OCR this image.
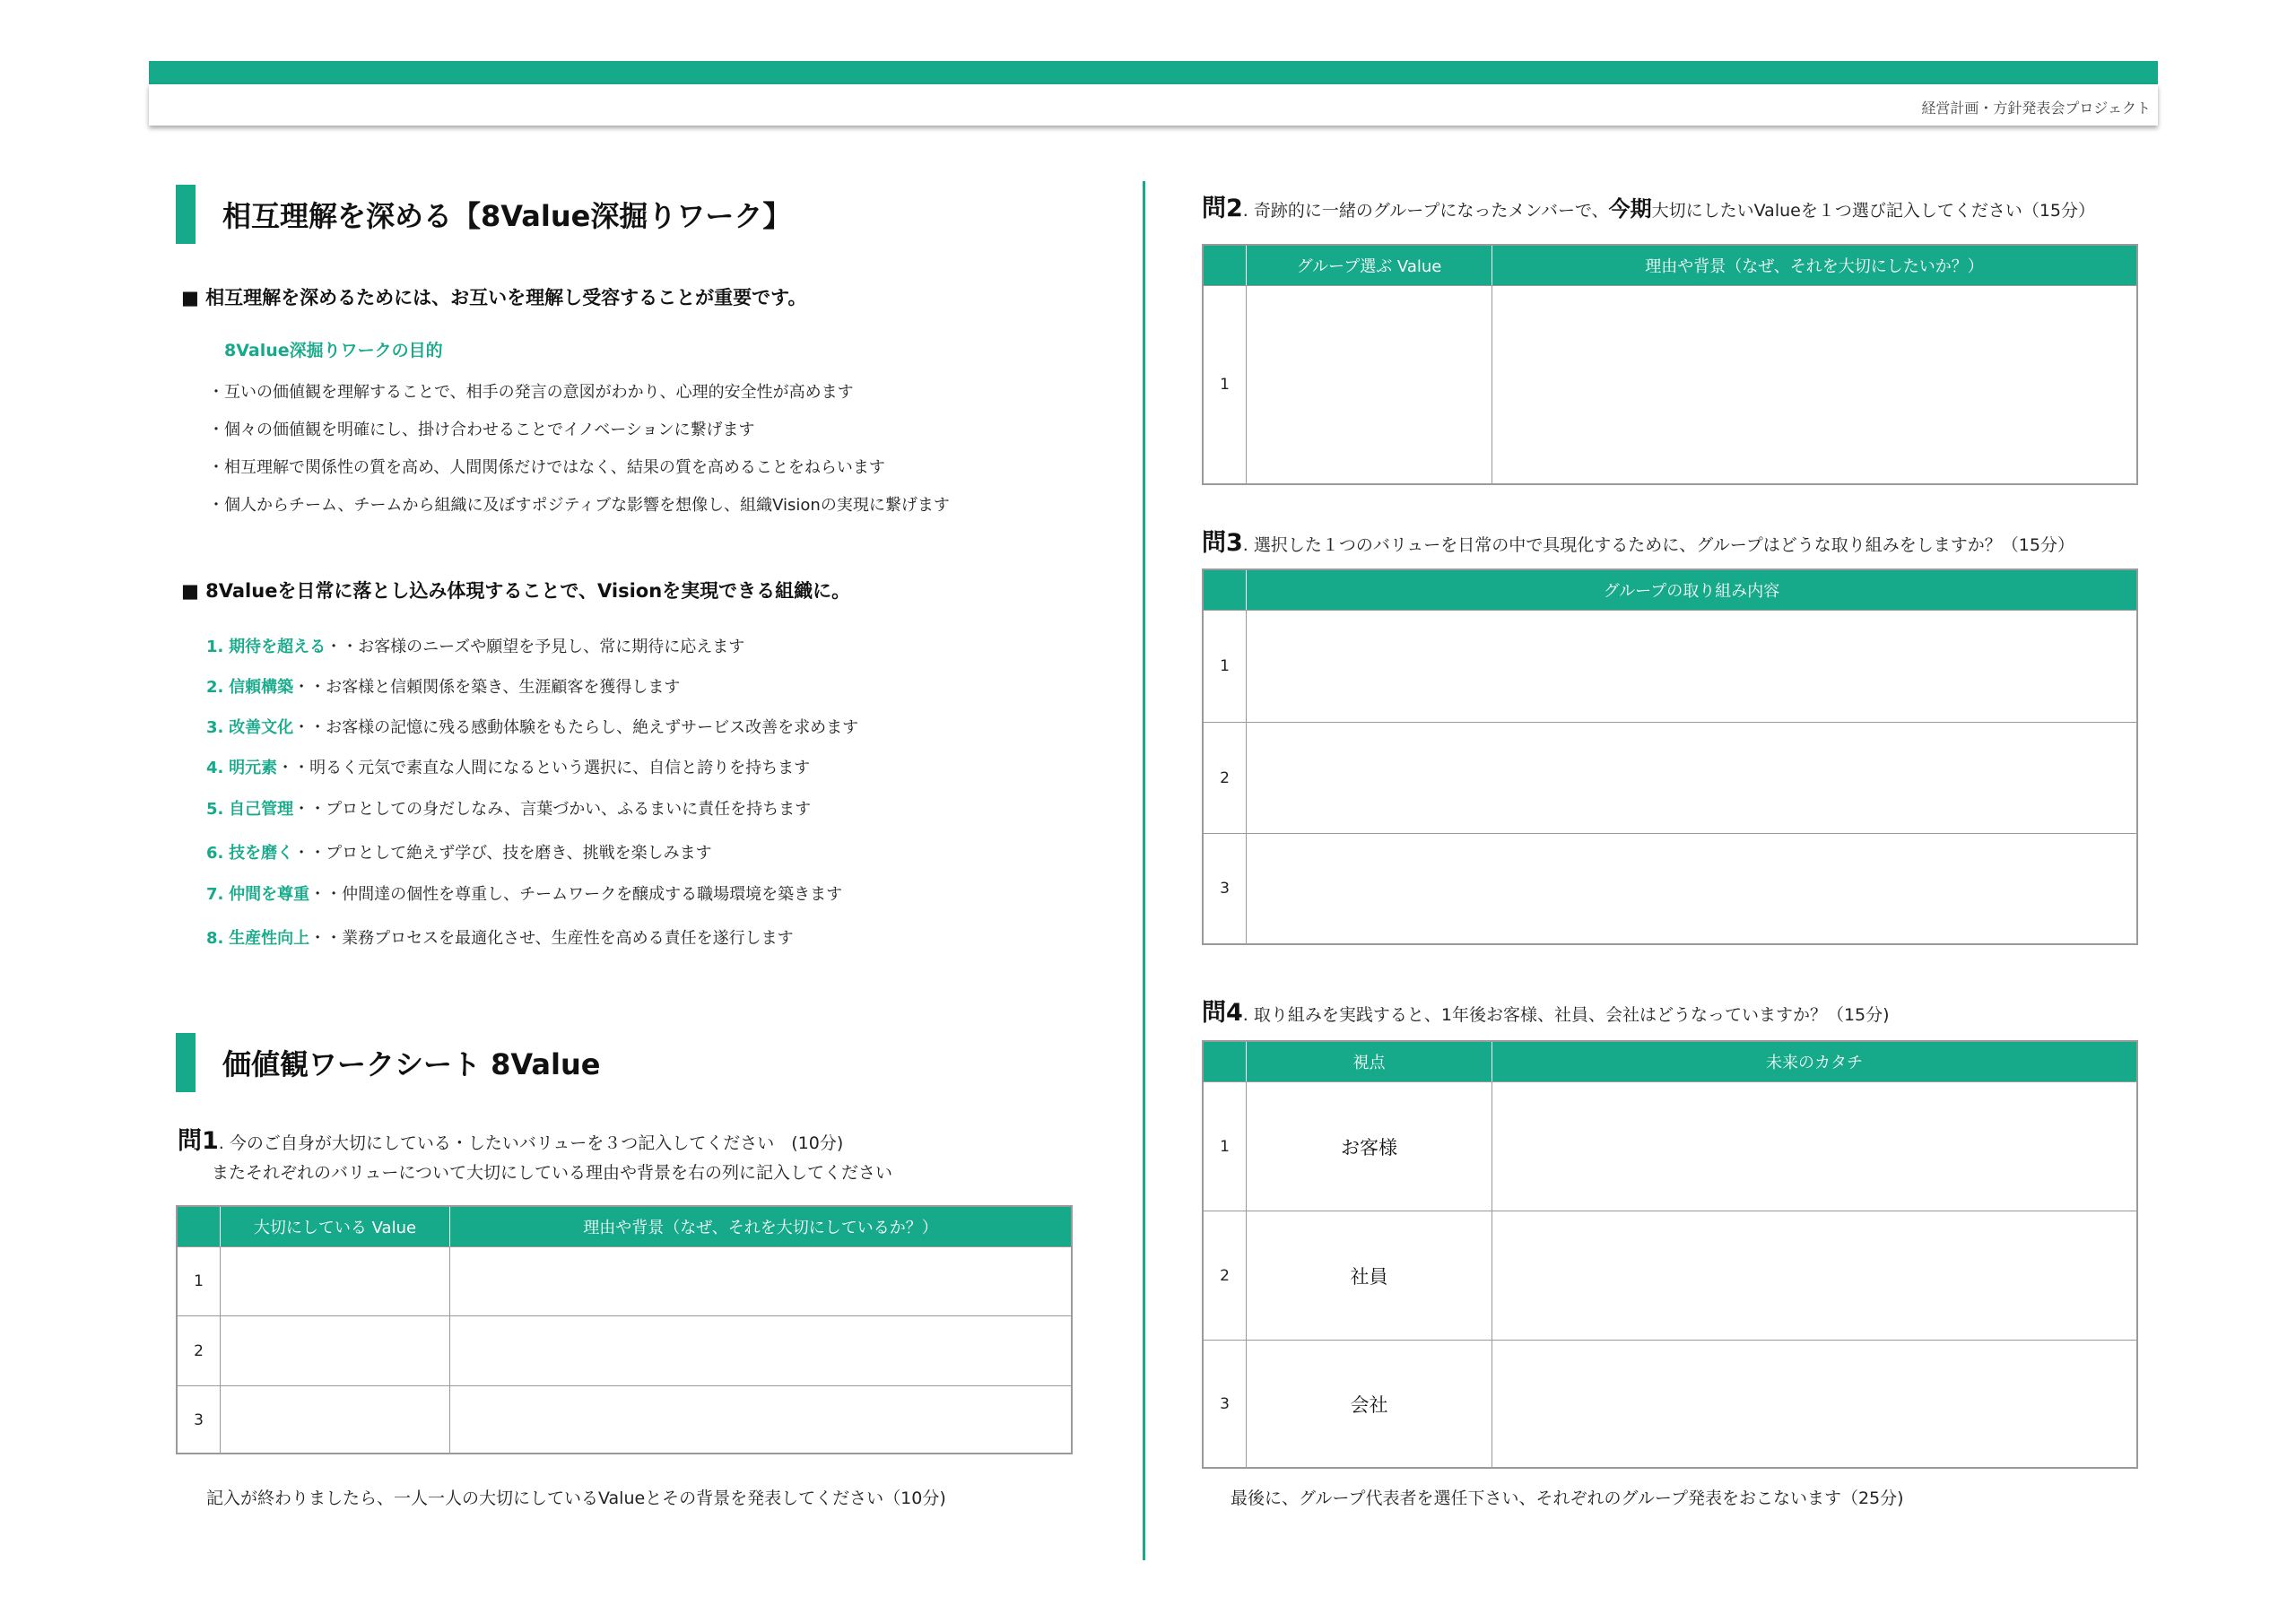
経営計画・方針発表会プロジェクト
相互理解を深める【8Value深掘りワーク】
■ 相互理解を深めるためには、お互いを理解し受容することが重要です。
8Value深掘りワークの目的
・互いの価値観を理解することで、相手の発言の意図がわかり、心理的安全性が高めます
・個々の価値観を明確にし、掛け合わせることでイノベーションに繋げます
・相互理解で関係性の質を高め、人間関係だけではなく、結果の質を高めることをねらいます
・個人からチーム、チームから組織に及ぼすポジティブな影響を想像し、組織Visionの実現に繋げます
■ 8Valueを日常に落とし込み体現することで、Visionを実現できる組織に。
1. 期待を超える・・お客様のニーズや願望を予見し、常に期待に応えます
2. 信頼構築・・お客様と信頼関係を築き、生涯顧客を獲得します
3. 改善文化・・お客様の記憶に残る感動体験をもたらし、絶えずサービス改善を求めます
4. 明元素・・明るく元気で素直な人間になるという選択に、自信と誇りを持ちます
5. 自己管理・・プロとしての身だしなみ、言葉づかい、ふるまいに責任を持ちます
6. 技を磨く・・プロとして絶えず学び、技を磨き、挑戦を楽しみます
7. 仲間を尊重・・仲間達の個性を尊重し、チームワークを醸成する職場環境を築きます
8. 生産性向上・・業務プロセスを最適化させ、生産性を高める責任を遂行します
価値観ワークシート 8Value
問1. 今のご自身が大切にしている・したいバリューを３つ記入してください　(10分)
またそれぞれのバリューについて大切にしている理由や背景を右の列に記入してください
大切にしている Value	理由や背景（なぜ、それを大切にしているか？）
1
2
3
記入が終わりましたら、一人一人の大切にしているValueとその背景を発表してください（10分)
問2. 奇跡的に一緒のグループになったメンバーで、今期大切にしたいValueを１つ選び記入してください（15分）
グループ選ぶ Value	理由や背景（なぜ、それを大切にしたいか？）
1
問3. 選択した１つのバリューを日常の中で具現化するために、グループはどうな取り組みをしますか？（15分）
グループの取り組み内容
1
2
3
問4. 取り組みを実践すると、1年後お客様、社員、会社はどうなっていますか？（15分)
視点	未来のカタチ
1	お客様
2	社員
3	会社
最後に、グループ代表者を選任下さい、それぞれのグループ発表をおこないます（25分)
